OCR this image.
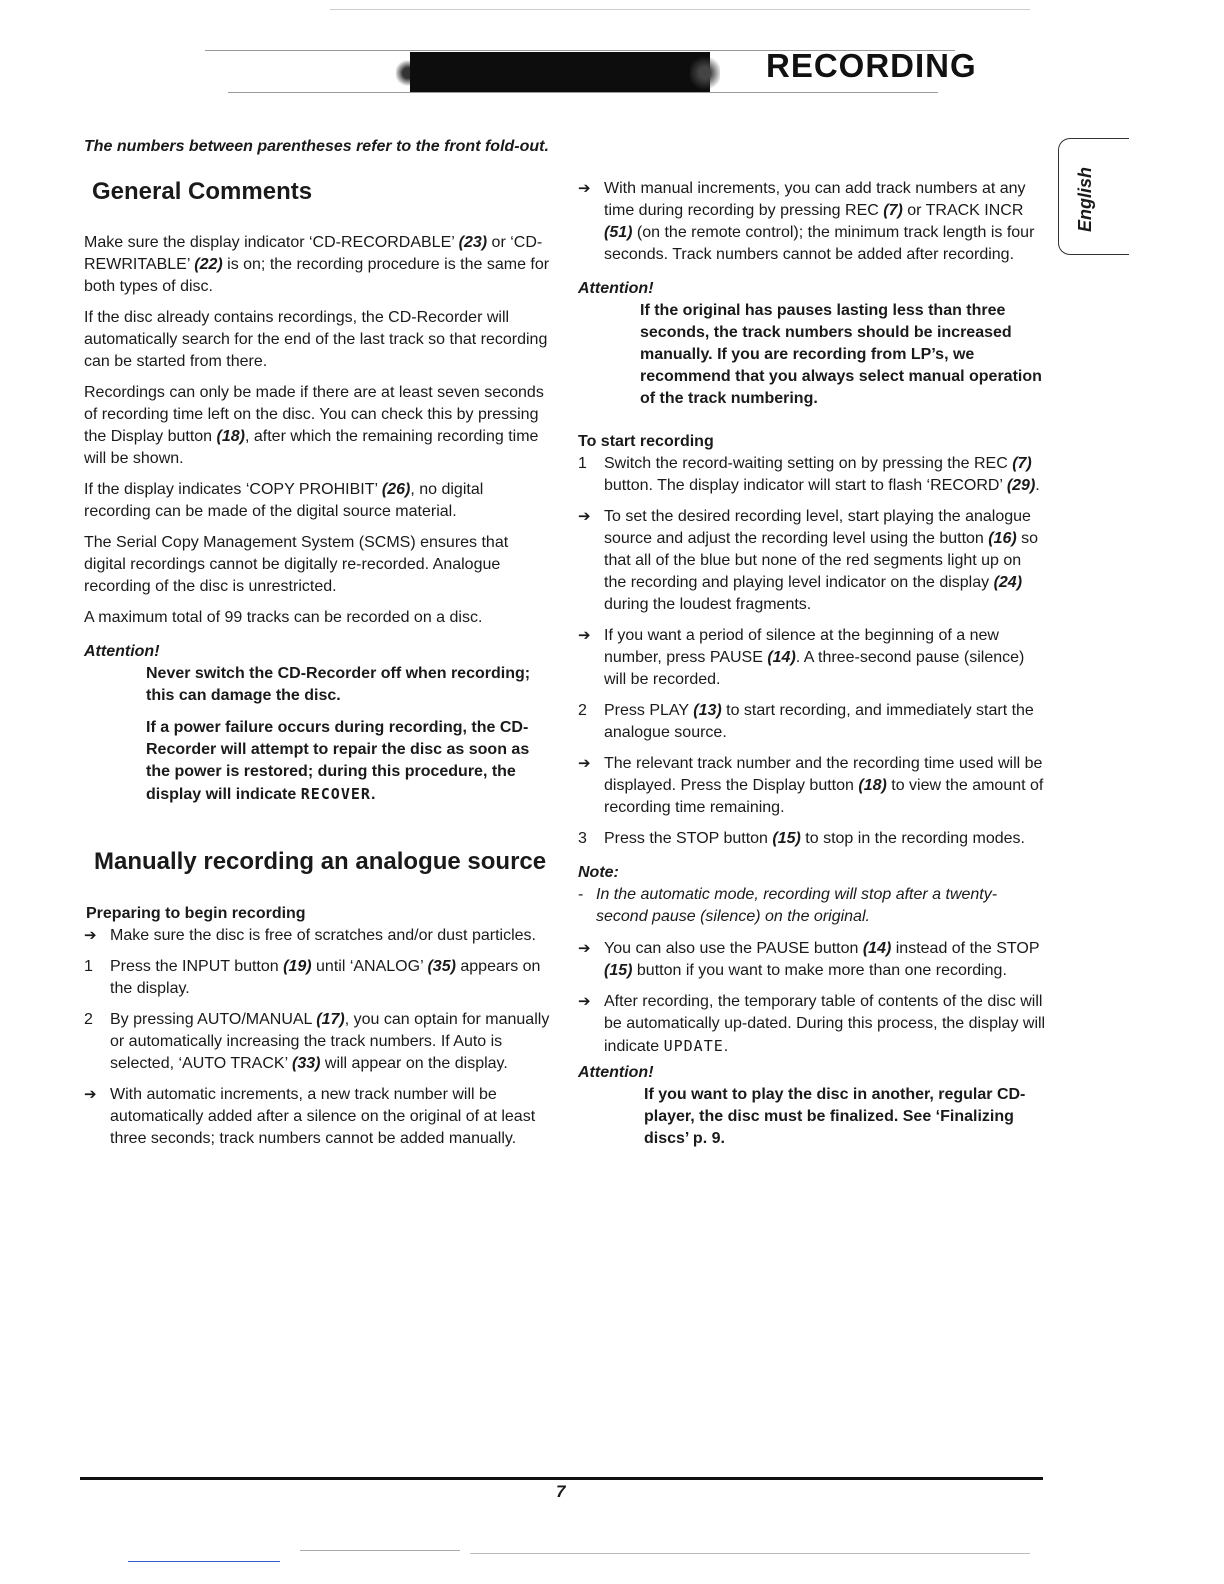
RECORDING
English

The numbers between parentheses refer to the front fold-out.

General Comments

Make sure the display indicator ‘CD-RECORDABLE’ (23) or ‘CD-REWRITABLE’ (22) is on; the recording procedure is the same for both types of disc.

If the disc already contains recordings, the CD-Recorder will automatically search for the end of the last track so that recording can be started from there.

Recordings can only be made if there are at least seven seconds of recording time left on the disc. You can check this by pressing the Display button (18), after which the remaining recording time will be shown.

If the display indicates ‘COPY PROHIBIT’ (26), no digital recording can be made of the digital source material.

The Serial Copy Management System (SCMS) ensures that digital recordings cannot be digitally re-recorded. Analogue recording of the disc is unrestricted.

A maximum total of 99 tracks can be recorded on a disc.

Attention!

Never switch the CD-Recorder off when recording; this can damage the disc.

If a power failure occurs during recording, the CD-Recorder will attempt to repair the disc as soon as the power is restored; during this procedure, the display will indicate RECOVER.

Manually recording an analogue source

Preparing to begin recording

➔ Make sure the disc is free of scratches and/or dust particles.
1	Press the INPUT button (19) until ‘ANALOG’ (35) appears on the display.
2	By pressing AUTO/MANUAL (17), you can optain for manually or automatically increasing the track numbers. If Auto is selected, ‘AUTO TRACK’ (33) will appear on the display.
➔ With automatic increments, a new track number will be automatically added after a silence on the original of at least three seconds; track numbers cannot be added manually.
➔ With manual increments, you can add track numbers at any time during recording by pressing REC (7) or TRACK INCR (51) (on the remote control); the minimum track length is four seconds. Track numbers cannot be added after recording.

Attention!

If the original has pauses lasting less than three seconds, the track numbers should be increased manually. If you are recording from LP’s, we recommend that you always select manual operation of the track numbering.

To start recording

1	Switch the record-waiting setting on by pressing the REC (7) button. The display indicator will start to flash ‘RECORD’ (29).
➔ To set the desired recording level, start playing the analogue source and adjust the recording level using the button (16) so that all of the blue but none of the red segments light up on the recording and playing level indicator on the display (24) during the loudest fragments.
➔ If you want a period of silence at the beginning of a new number, press PAUSE (14). A three-second pause (silence) will be recorded.
2	Press PLAY (13) to start recording, and immediately start the analogue source.
➔ The relevant track number and the recording time used will be displayed. Press the Display button (18) to view the amount of recording time remaining.
3	Press the STOP button (15) to stop in the recording modes.

Note:

- In the automatic mode, recording will stop after a twenty-second pause (silence) on the original.
➔ You can also use the PAUSE button (14) instead of the STOP (15) button if you want to make more than one recording.
➔ After recording, the temporary table of contents of the disc will be automatically up-dated. During this process, the display will indicate UPDATE.

Attention!

If you want to play the disc in another, regular CD-player, the disc must be finalized. See ‘Finalizing discs’ p. 9.

7
